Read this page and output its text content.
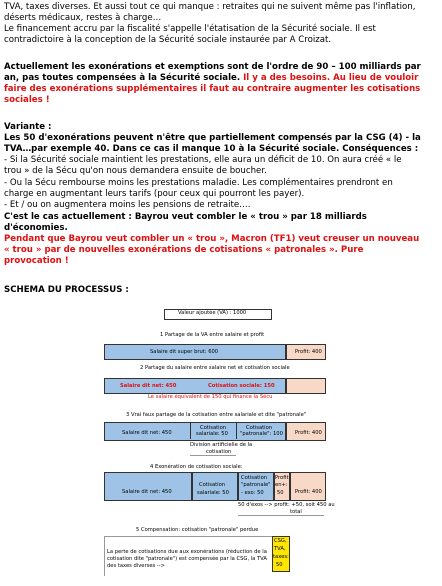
TVA, taxes diverses. Et aussi tout ce qui manque : retraites qui ne suivent même pas l'inflation,
déserts médicaux, restes à charge…
Le financement accru par la fiscalité s'appelle l'étatisation de la Sécurité sociale. Il est
contradictoire à la conception de la Sécurité sociale instaurée par A Croizat.
Actuellement les exonérations et exemptions sont de l'ordre de 90 – 100 milliards par
an, pas toutes compensées à la Sécurité sociale. Il y a des besoins. Au lieu de vouloir
faire des exonérations supplémentaires il faut au contraire augmenter les cotisations
sociales !
Variante :
Les 50 d'exonérations peuvent n'être que partiellement compensés par la CSG (4) - la
TVA…par exemple 40. Dans ce cas il manque 10 à la Sécurité sociale. Conséquences :
- Si la Sécurité sociale maintient les prestations, elle aura un déficit de 10. On aura créé « le
trou » de la Sécu qu'on nous demandera ensuite de boucher.
- Ou la Sécu rembourse moins les prestations maladie. Les complémentaires prendront en
charge en augmentant leurs tarifs (pour ceux qui pourront les payer).
- Et / ou on augmentera moins les pensions de retraite….
C'est le cas actuellement : Bayrou veut combler le « trou » par 18 milliards
d'économies.
Pendant que Bayrou veut combler un « trou », Macron (TF1) veut creuser un nouveau
« trou » par de nouvelles exonérations de cotisations « patronales ». Pure
provocation !
SCHEMA DU PROCESSUS :
Valeur ajoutée (VA) : 1000
1 Partage de la VA entre salaire et profit
Salaire dit super brut: 600	Profit: 400
2 Partage du salaire entre salaire net et cotisation sociale
Salaire dit net: 450	Cotisation sociale: 150
Le salaire équivalent de 150 qui finance la Sécu
3 Vrai faux partage de la cotisation entre salariale et dite "patronale"
Salaire dit net: 450
Cotisation
salariale: 50
Cotisation
"patronale": 100 Profit: 400
Division artificielle de la
cotisation
4 Exonération de cotisation sociale:
Salaire dit net: 450
Cotisation
salariale: 50
Cotisation
"patronale"
- exo: 50
Profit
en+:
50 Profit: 400
50 d'exos --> profit: +50, soit 450 au
total
5 Compensation: cotisation "patronale" perdue
La perte de cotisations due aux exonérations (réduction de la
cotisation dite "patronale") est compensée par la CSG, la TVA
des taxes diverses -->
CSG,
TVA,
taxes:
50
